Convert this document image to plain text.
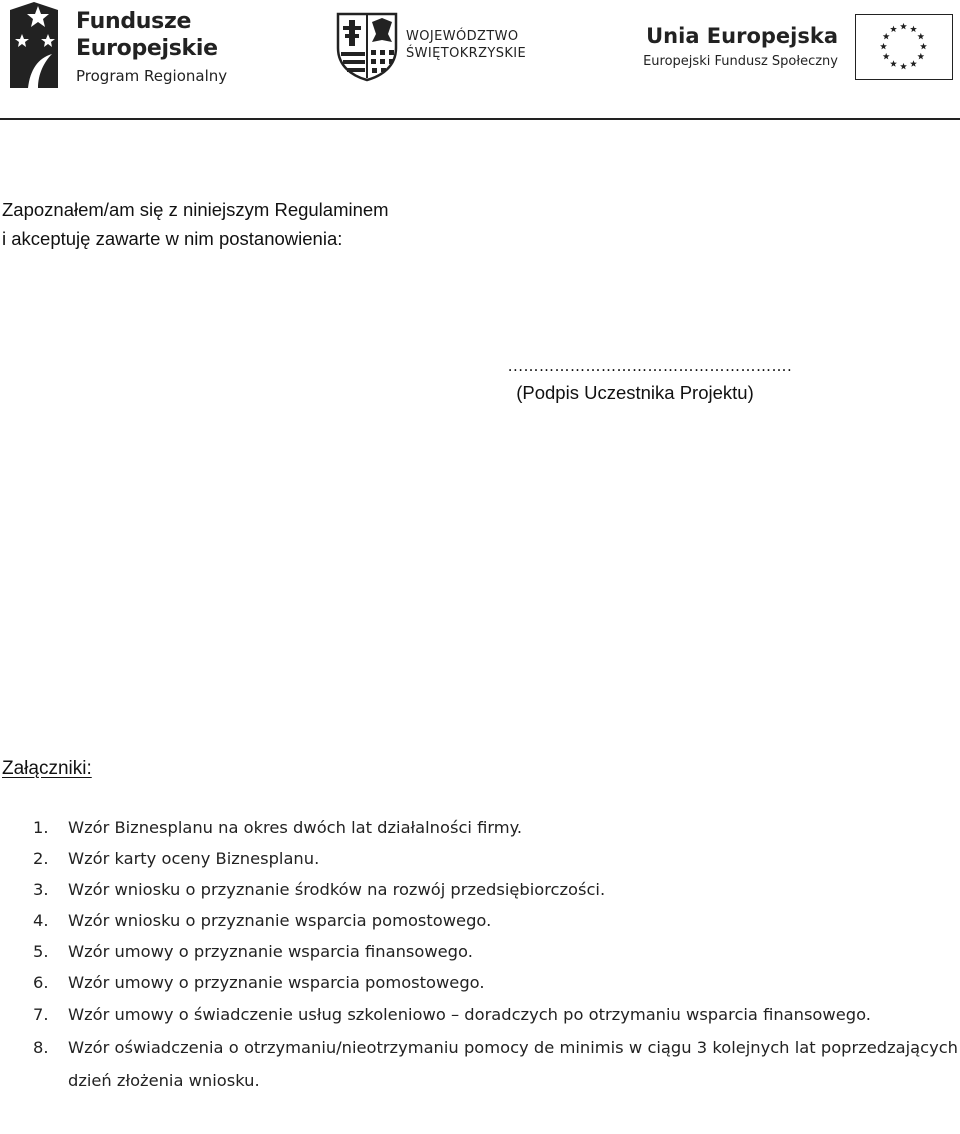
Fundusze
Europejskie
Program Regionalny
WOJEWÓDZTWO
ŚWIĘTOKRZYSKIE
Unia Europejska
Europejski Fundusz Społeczny
Zapoznałem/am się z niniejszym Regulaminem
i akceptuję zawarte w nim postanowienia:
...…………………………………………….
(Podpis Uczestnika Projektu)
Załączniki:
1. Wzór Biznesplanu na okres dwóch lat działalności firmy.
2. Wzór karty oceny Biznesplanu.
3. Wzór wniosku o przyznanie środków na rozwój przedsiębiorczości.
4. Wzór wniosku o przyznanie wsparcia pomostowego.
5. Wzór umowy o przyznanie wsparcia finansowego.
6. Wzór umowy o przyznanie wsparcia pomostowego.
7. Wzór umowy o świadczenie usług szkoleniowo – doradczych po otrzymaniu wsparcia finansowego.
8. Wzór oświadczenia o otrzymaniu/nieotrzymaniu pomocy de minimis w ciągu 3 kolejnych lat poprzedzających dzień złożenia wniosku.
